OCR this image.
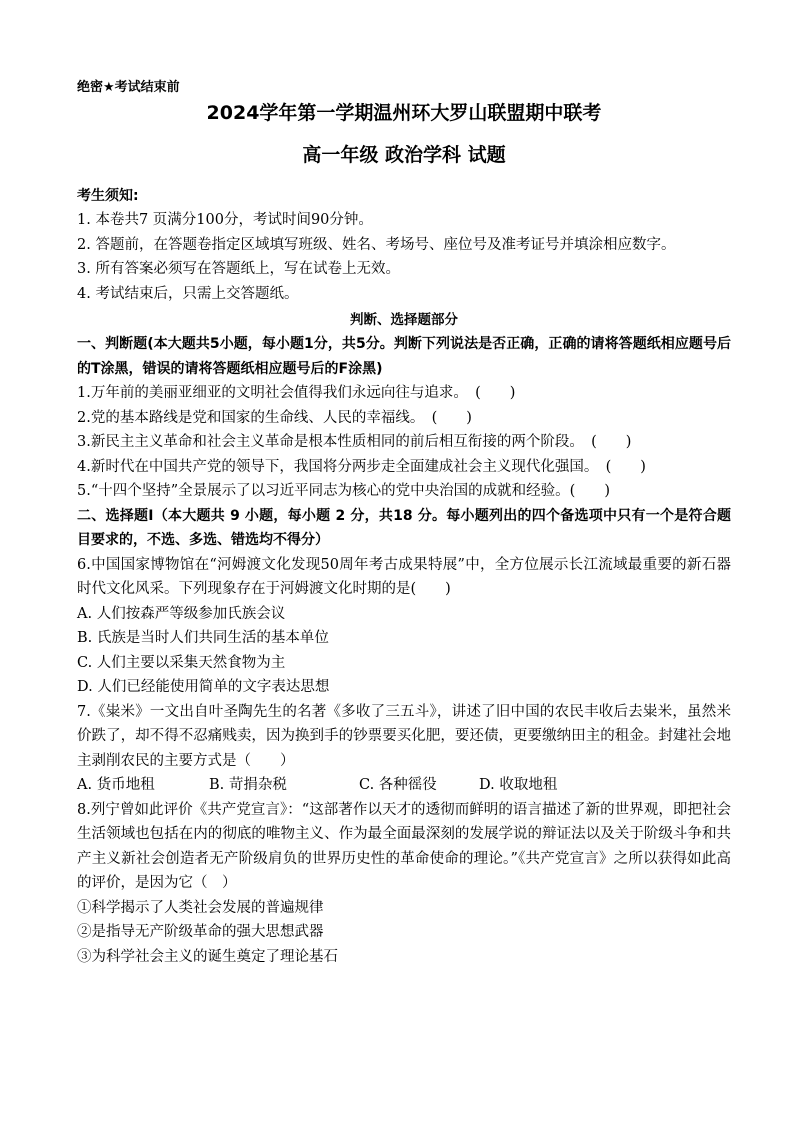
绝密★考试结束前
2024学年第一学期温州环大罗山联盟期中联考
高一年级 政治学科 试题
考生须知:
1. 本卷共7 页满分100分，考试时间90分钟。
2. 答题前，在答题卷指定区域填写班级、姓名、考场号、座位号及准考证号并填涂相应数字。
3. 所有答案必须写在答题纸上，写在试卷上无效。
4. 考试结束后，只需上交答题纸。
判断、选择题部分
一、判断题(本大题共5小题，每小题1分，共5分。判断下列说法是否正确，正确的请将答题纸相应题号后的T涂黑，错误的请将答题纸相应题号后的F涂黑)
1.万年前的美丽亚细亚的文明社会值得我们永远向往与追求。　(　　)
2.党的基本路线是党和国家的生命线、人民的幸福线。　(　　)
3.新民主主义革命和社会主义革命是根本性质相同的前后相互衔接的两个阶段。　(　　)
4.新时代在中国共产党的领导下，我国将分两步走全面建成社会主义现代化强国。　(　　)
5.“十四个坚持”全景展示了以习近平同志为核心的党中央治国的成就和经验。(　　)
二、选择题Ⅰ（本大题共 9 小题，每小题 2 分，共18 分。每小题列出的四个备选项中只有一个是符合题目要求的，不选、多选、错选均不得分）
6.中国国家博物馆在“河姆渡文化发现50周年考古成果特展”中，全方位展示长江流域最重要的新石器时代文化风采。下列现象存在于河姆渡文化时期的是(　　)
A. 人们按森严等级参加氏族会议
B. 氏族是当时人们共同生活的基本单位
C. 人们主要以采集天然食物为主
D. 人们已经能使用简单的文字表达思想
7.《粜米》一文出自叶圣陶先生的名著《多收了三五斗》，讲述了旧中国的农民丰收后去粜米，虽然米价跌了，却不得不忍痛贱卖，因为换到手的钞票要买化肥，要还债，更要缴纳田主的租金。封建社会地主剥削农民的主要方式是（　　）
A. 货币地租	B. 苛捐杂税	C. 各种徭役	D. 收取地租
8.列宁曾如此评价《共产党宣言》：“这部著作以天才的透彻而鲜明的语言描述了新的世界观，即把社会生活领域也包括在内的彻底的唯物主义、作为最全面最深刻的发展学说的辩证法以及关于阶级斗争和共产主义新社会创造者无产阶级肩负的世界历史性的革命使命的理论。”《共产党宣言》之所以获得如此高的评价，是因为它（　）
①科学揭示了人类社会发展的普遍规律
②是指导无产阶级革命的强大思想武器
③为科学社会主义的诞生奠定了理论基石
